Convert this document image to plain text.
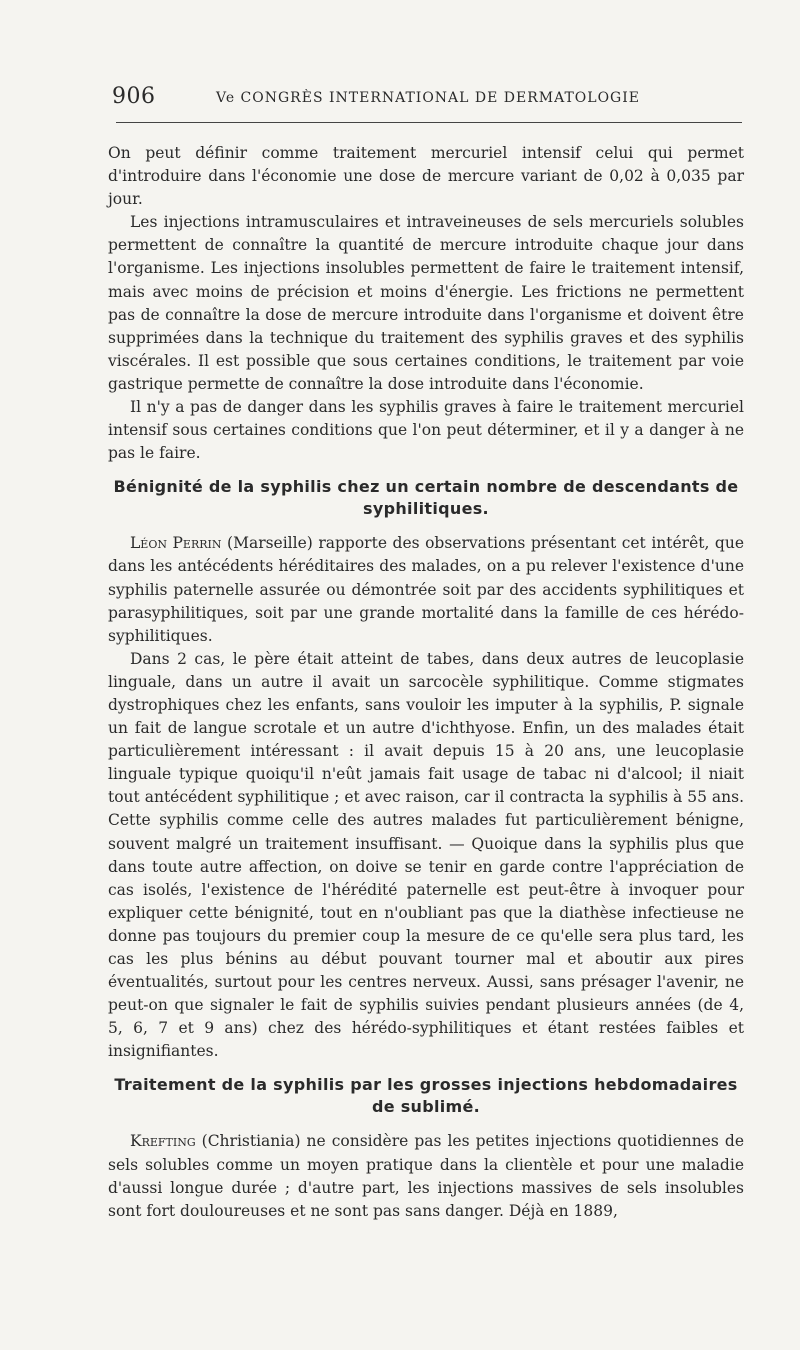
906	Ve CONGRÈS INTERNATIONAL DE DERMATOLOGIE

On peut définir comme traitement mercuriel intensif celui qui permet d'introduire dans l'économie une dose de mercure variant de 0,02 à 0,035 par jour.

Les injections intramusculaires et intraveineuses de sels mercuriels solubles permettent de connaître la quantité de mercure introduite chaque jour dans l'organisme. Les injections insolubles permettent de faire le traitement intensif, mais avec moins de précision et moins d'énergie. Les frictions ne permettent pas de connaître la dose de mercure introduite dans l'organisme et doivent être supprimées dans la technique du traitement des syphilis graves et des syphilis viscérales. Il est possible que sous certaines conditions, le traitement par voie gastrique permette de connaître la dose introduite dans l'économie.

Il n'y a pas de danger dans les syphilis graves à faire le traitement mercuriel intensif sous certaines conditions que l'on peut déterminer, et il y a danger à ne pas le faire.

Bénignité de la syphilis chez un certain nombre de descendants de syphilitiques.

Léon Perrin (Marseille) rapporte des observations présentant cet intérêt, que dans les antécédents héréditaires des malades, on a pu relever l'existence d'une syphilis paternelle assurée ou démontrée soit par des accidents syphilitiques et parasyphilitiques, soit par une grande mortalité dans la famille de ces hérédo-syphilitiques.

Dans 2 cas, le père était atteint de tabes, dans deux autres de leucoplasie linguale, dans un autre il avait un sarcocèle syphilitique. Comme stigmates dystrophiques chez les enfants, sans vouloir les imputer à la syphilis, P. signale un fait de langue scrotale et un autre d'ichthyose. Enfin, un des malades était particulièrement intéressant : il avait depuis 15 à 20 ans, une leucoplasie linguale typique quoiqu'il n'eût jamais fait usage de tabac ni d'alcool; il niait tout antécédent syphilitique ; et avec raison, car il contracta la syphilis à 55 ans. Cette syphilis comme celle des autres malades fut particulièrement bénigne, souvent malgré un traitement insuffisant. — Quoique dans la syphilis plus que dans toute autre affection, on doive se tenir en garde contre l'appréciation de cas isolés, l'existence de l'hérédité paternelle est peut-être à invoquer pour expliquer cette bénignité, tout en n'oubliant pas que la diathèse infectieuse ne donne pas toujours du premier coup la mesure de ce qu'elle sera plus tard, les cas les plus bénins au début pouvant tourner mal et aboutir aux pires éventualités, surtout pour les centres nerveux. Aussi, sans présager l'avenir, ne peut-on que signaler le fait de syphilis suivies pendant plusieurs années (de 4, 5, 6, 7 et 9 ans) chez des hérédo-syphilitiques et étant restées faibles et insignifiantes.

Traitement de la syphilis par les grosses injections hebdomadaires de sublimé.

Krefting (Christiania) ne considère pas les petites injections quotidiennes de sels solubles comme un moyen pratique dans la clientèle et pour une maladie d'aussi longue durée ; d'autre part, les injections massives de sels insolubles sont fort douloureuses et ne sont pas sans danger. Déjà en 1889,
